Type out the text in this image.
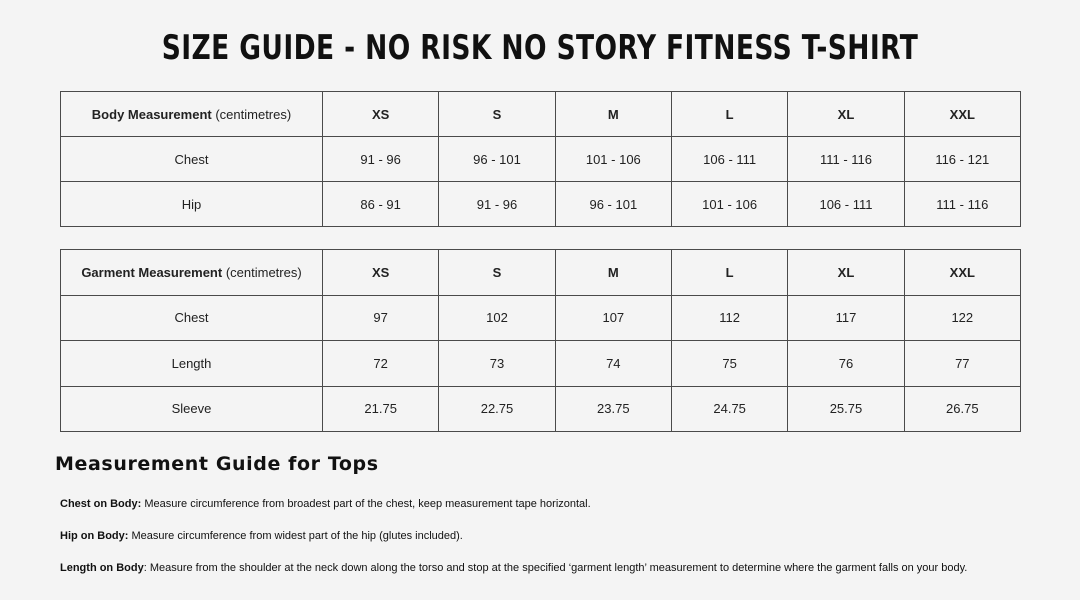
SIZE GUIDE - NO RISK NO STORY FITNESS T-SHIRT
Body Measurement (centimetres)	XS	S	M	L	XL	XXL
Chest	91 - 96	96 - 101	101 - 106	106 - 111	111 - 116	116 - 121
Hip	86 - 91	91 - 96	96 - 101	101 - 106	106 - 111	111 - 116
Garment Measurement (centimetres)	XS	S	M	L	XL	XXL
Chest	97	102	107	112	117	122
Length	72	73	74	75	76	77
Sleeve	21.75	22.75	23.75	24.75	25.75	26.75
Measurement Guide for Tops
Chest on Body: Measure circumference from broadest part of the chest, keep measurement tape horizontal.
Hip on Body: Measure circumference from widest part of the hip (glutes included).
Length on Body: Measure from the shoulder at the neck down along the torso and stop at the specified ‘garment length’ measurement to determine where the garment falls on your body.
